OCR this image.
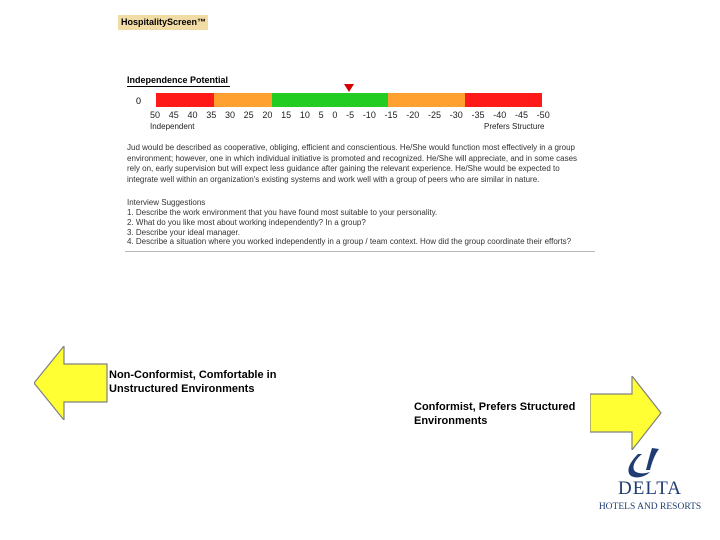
HospitalityScreen™
Independence Potential
0
50 45 40 35 30 25 20 15 10 5 0 -5 -10 -15 -20 -25 -30 -35 -40 -45 -50
Independent	Prefers Structure

Jud would be described as cooperative, obliging, efficient and conscientious. He/She would function most effectively in a group environment; however, one in which individual initiative is promoted and recognized. He/She will appreciate, and in some cases rely on, early supervision but will expect less guidance after gaining the relevant experience. He/She would be expected to integrate well within an organization's existing systems and work well with a group of peers who are similar in nature.

Interview Suggestions
1. Describe the work environment that you have found most suitable to your personality.
2. What do you like most about working independently? In a group?
3. Describe your ideal manager.
4. Describe a situation where you worked independently in a group / team context. How did the group coordinate their efforts?
Non-Conformist, Comfortable in Unstructured Environments
Conformist, Prefers Structured Environments
DELTA
HOTELS AND RESORTS
